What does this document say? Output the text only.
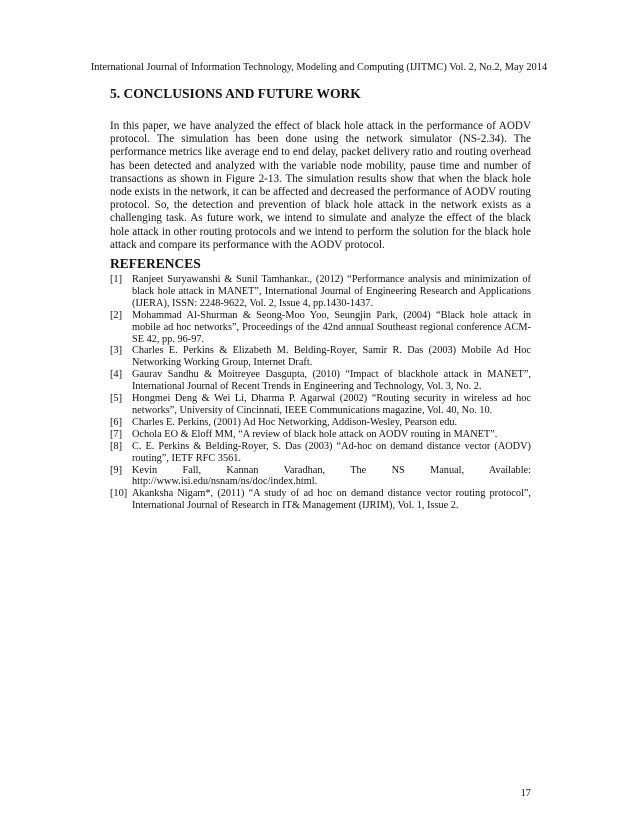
International Journal of Information Technology, Modeling and Computing (IJITMC) Vol. 2, No.2, May 2014
5. CONCLUSIONS AND FUTURE WORK

In this paper, we have analyzed the effect of black hole attack in the performance of AODV protocol. The simulation has been done using the network simulator (NS-2.34). The performance metrics like average end to end delay, packet delivery ratio and routing overhead has been detected and analyzed with the variable node mobility, pause time and number of transactions as shown in Figure 2-13. The simulation results show that when the black hole node exists in the network, it can be affected and decreased the performance of AODV routing protocol. So, the detection and prevention of black hole attack in the network exists as a challenging task. As future work, we intend to simulate and analyze the effect of the black hole attack in other routing protocols and we intend to perform the solution for the black hole attack and compare its performance with the AODV protocol.

REFERENCES
[1] Ranjeet Suryawanshi & Sunil Tamhankar., (2012) “Performance analysis and minimization of black hole attack in MANET”, International Journal of Engineering Research and Applications (IJERA), ISSN: 2248-9622, Vol. 2, Issue 4, pp.1430-1437.
[2] Mohammad Al-Shurman & Seong-Moo Yoo, Seungjin Park, (2004) “Black hole attack in mobile ad hoc networks”, Proceedings of the 42nd annual Southeast regional conference ACM-SE 42, pp. 96-97.
[3] Charles E. Perkins & Elizabeth M. Belding-Royer, Samir R. Das (2003) Mobile Ad Hoc Networking Working Group, Internet Draft.
[4] Gaurav Sandhu & Moitreyee Dasgupta, (2010) “Impact of blackhole attack in MANET”, International Journal of Recent Trends in Engineering and Technology, Vol. 3, No. 2.
[5] Hongmei Deng & Wei Li, Dharma P. Agarwal (2002) “Routing security in wireless ad hoc networks”, University of Cincinnati, IEEE Communications magazine, Vol. 40, No. 10.
[6] Charles E. Perkins, (2001) Ad Hoc Networking, Addison-Wesley, Pearson edu.
[7] Ochola EO & Eloff MM, “A review of black hole attack on AODV routing in MANET”.
[8] C. E. Perkins & Belding-Royer, S. Das (2003) “Ad-hoc on demand distance vector (AODV) routing”, IETF RFC 3561.
[9] Kevin Fall, Kannan Varadhan, The NS Manual, Available: http://www.isi.edu/nsnam/ns/doc/index.html.
[10] Akanksha Nigam*, (2011) “A study of ad hoc on demand distance vector routing protocol”, International Journal of Research in IT& Management (IJRIM), Vol. 1, Issue 2.
17
